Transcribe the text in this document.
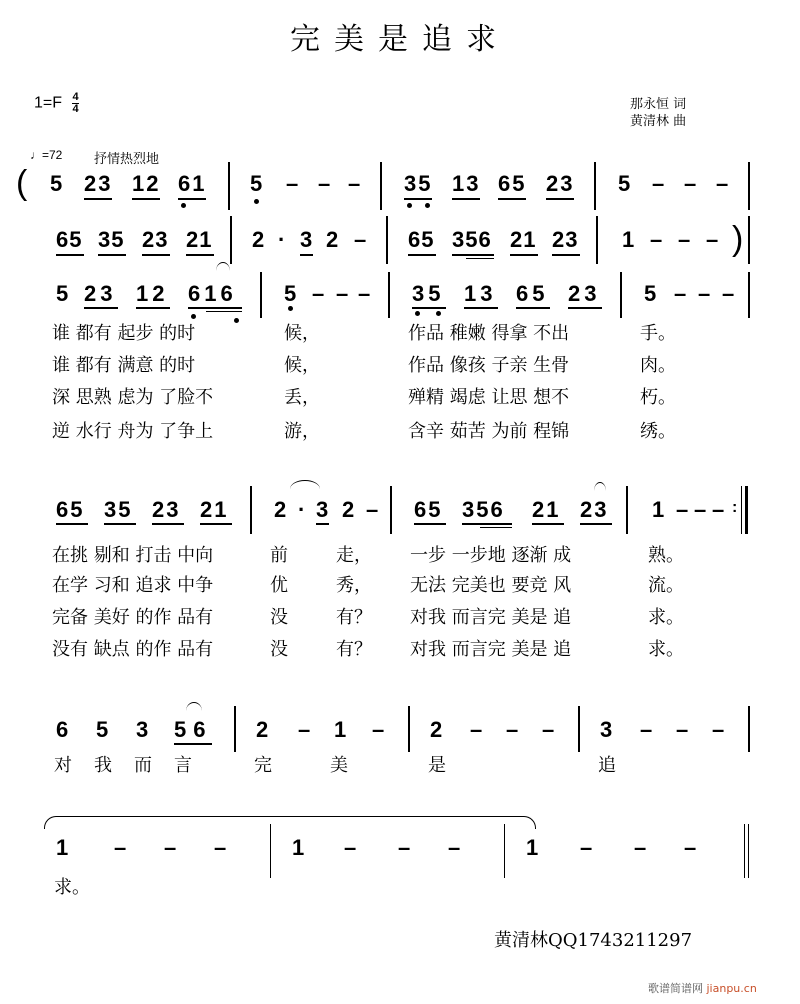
完美是追求
$1=F \frac{4}{4}$	那永恒 词
黄清林 曲
♩=72 抒情热烈地
( 5 23 12 61 5 – – – 35 13 65 23 5 – – –
65 35 23 21 2 · 3 2 – 65 356 21 23 1 – – – )
5 23 12 616 5 – – – 35 13 65 23 5 – – –
谁 都有 起步 的时	候，	作品 稚嫩 得拿 不出	手。
谁 都有 满意 的时	候，	作品 像孩 子亲 生骨	肉。
深 思熟 虑为 了脸不	丢，	殚精 竭虑 让思 想不	朽。
逆 水行 舟为 了争上	游，	含辛 茹苦 为前 程锦	绣。
65 35 23 21 2 · 3 2 – 65 356 21 23 1 – – – :
在挑 剔和 打击 中向	前	走， 一步 一步地 逐渐 成	熟。
在学 习和 追求 中争	优	秀， 无法 完美也 要竞 风	流。
完备 美好 的作 品有	没	有？ 对我 而言完 美是 追	求。
没有 缺点 的作 品有	没	有？ 对我 而言完 美是 追	求。
6 5 3 56 2 – 1 – 2 – – – 3 – – –
对 我 而 言	完	美	是	追
1 – – –	1 – – –	1 – – –
求。
黄清林QQ1743211297
歌谱简谱网 jianpu.cn
